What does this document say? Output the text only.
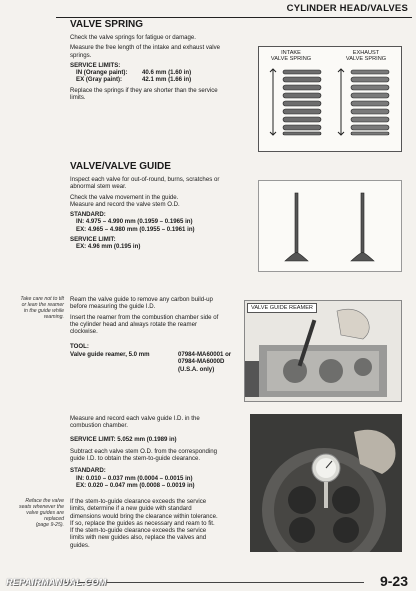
CYLINDER HEAD/VALVES
VALVE SPRING
Check the valve springs for fatigue or damage.
Measure the free length of the intake and exhaust valve
springs.
SERVICE LIMITS:
IN (Orange paint): 40.6 mm (1.60 in)
EX (Gray paint):	42.1 mm (1.66 in)
Replace the springs if they are shorter than the service
limits.
INTAKE
VALVE SPRING
EXHAUST
VALVE SPRING
VALVE/VALVE GUIDE
Inspect each valve for out-of-round, burns, scratches or
abnormal stem wear.
Check the valve movement in the guide.
Measure and record the valve stem O.D.
STANDARD:
IN: 4.975 – 4.990 mm (0.1959 – 0.1965 in)
EX: 4.965 – 4.980 mm (0.1955 – 0.1961 in)
SERVICE LIMIT:
EX: 4.96 mm (0.195 in)
Take care not to tilt
or lean the reamer
in the guide while
reaming.
Ream the valve guide to remove any carbon build-up
before measuring the guide I.D.
Insert the reamer from the combustion chamber side of
the cylinder head and always rotate the reamer
clockwise.
TOOL:
Valve guide reamer, 5.0 mm	07984-MA60001 or
07984-MA6000D
(U.S.A. only)
VALVE GUIDE REAMER
Measure and record each valve guide I.D. in the
combustion chamber.
SERVICE LIMIT: 5.052 mm (0.1989 in)
Subtract each valve stem O.D. from the corresponding
guide I.D. to obtain the stem-to-guide clearance.
STANDARD:
IN: 0.010 – 0.037 mm (0.0004 – 0.0015 in)
EX: 0.020 – 0.047 mm (0.0008 – 0.0019 in)
Reface the valve
seats whenever the
valve guides are
replaced
(page 9-25).
If the stem-to-guide clearance exceeds the service
limits, determine if a new guide with standard
dimensions would bring the clearance within tolerance.
If so, replace the guides as necessary and ream to fit.
If the stem-to-guide clearance exceeds the service
limits with new guides also, replace the valves and
guides.
REPAIRMANUAL.COM	9-23
